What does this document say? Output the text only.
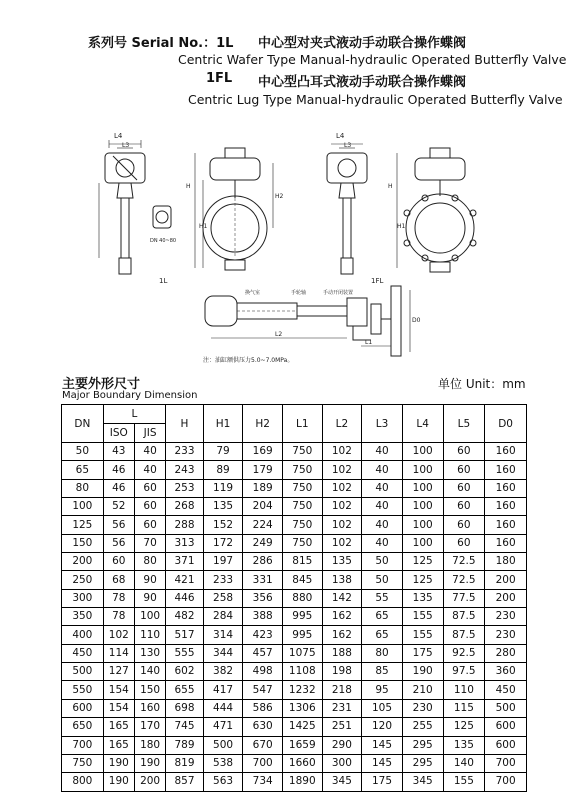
系列号 Serial No.：1L 中心型对夹式液动手动联合操作蝶阀
Centric Wafer Type Manual-hydraulic Operated Butterfly Valve
1FL 中心型凸耳式液动手动联合操作蝶阀
Centric Lug Type Manual-hydraulic Operated Butterfly Valve
L4
L3
DN 40~80
H
H1
H2
1L
L4
L3
H
H1
1FL
换气室	手轮轴	手动开闭装置
L2
L1
D0
注：油缸额供压力5.0~7.0MPa。
主要外形尺寸	单位 Unit：mm
Major Boundary Dimension
DN	L		H	H1	H2	L1	L2	L3	L4	L5	D0
	ISO	JIS									
50	43	40	233	79	169	750	102	40	100	60	160
65	46	40	243	89	179	750	102	40	100	60	160
80	46	60	253	119	189	750	102	40	100	60	160
100	52	60	268	135	204	750	102	40	100	60	160
125	56	60	288	152	224	750	102	40	100	60	160
150	56	70	313	172	249	750	102	40	100	60	160
200	60	80	371	197	286	815	135	50	125	72.5	180
250	68	90	421	233	331	845	138	50	125	72.5	200
300	78	90	446	258	356	880	142	55	135	77.5	200
350	78	100	482	284	388	995	162	65	155	87.5	230
400	102	110	517	314	423	995	162	65	155	87.5	230
450	114	130	555	344	457	1075	188	80	175	92.5	280
500	127	140	602	382	498	1108	198	85	190	97.5	360
550	154	150	655	417	547	1232	218	95	210	110	450
600	154	160	698	444	586	1306	231	105	230	115	500
650	165	170	745	471	630	1425	251	120	255	125	600
700	165	180	789	500	670	1659	290	145	295	135	600
750	190	190	819	538	700	1660	300	145	295	140	700
800	190	200	857	563	734	1890	345	175	345	155	700
